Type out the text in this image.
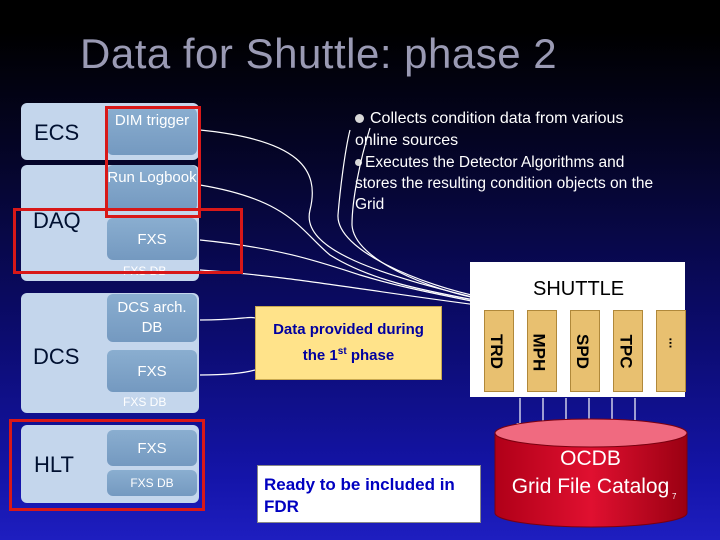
Data for Shuttle: phase 2
Collects condition data from various online sources
Executes the Detector Algorithms and stores the resulting condition objects on the Grid
ECS	DIM trigger
DAQ
Run Logbook
FXS
FXS DB
DCS
DCS arch. DB
FXS
FXS DB
HLT
FXS
FXS DB
SHUTTLE
TRD MPH SPD TPC ...
Data provided during
the 1st phase
Ready to be included in FDR
OCDB
Grid File Catalog 7
